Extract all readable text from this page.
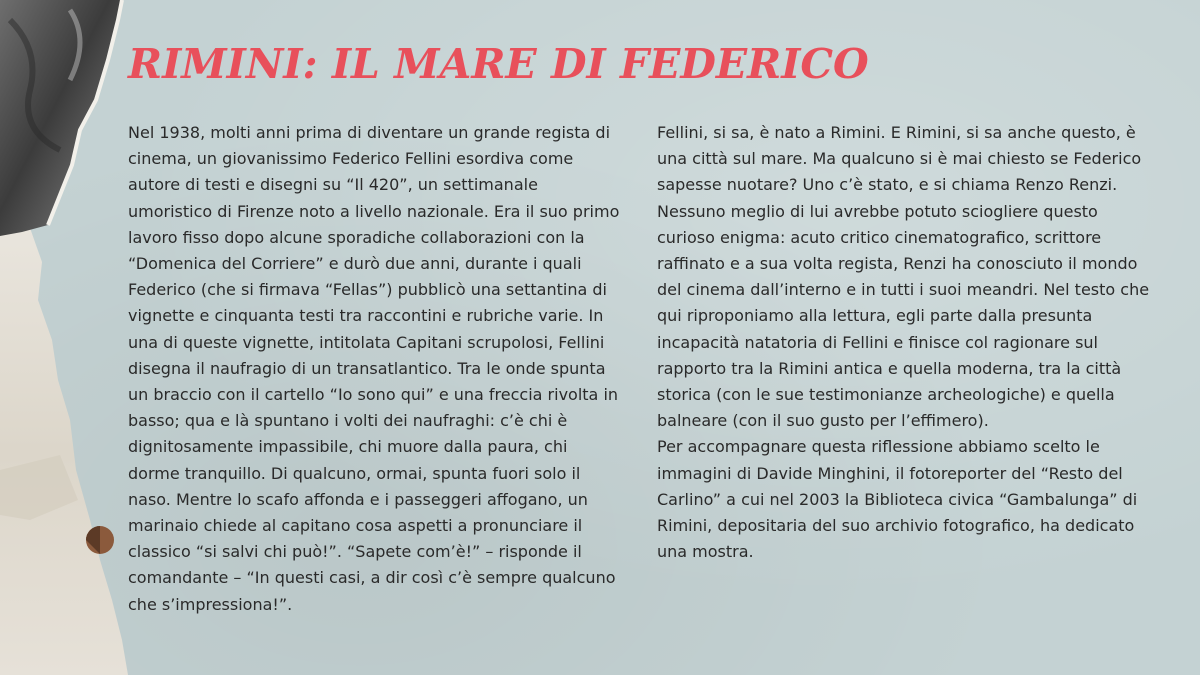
RIMINI: IL MARE DI FEDERICO

Nel 1938, molti anni prima di diventare un grande regista di cinema, un giovanissimo Federico Fellini esordiva come autore di testi e disegni su “Il 420”, un settimanale umoristico di Firenze noto a livello nazionale. Era il suo primo lavoro fisso dopo alcune sporadiche collaborazioni con la “Domenica del Corriere” e durò due anni, durante i quali Federico (che si firmava “Fellas”) pubblicò una settantina di vignette e cinquanta testi tra raccontini e rubriche varie. In una di queste vignette, intitolata Capitani scrupolosi, Fellini disegna il naufragio di un transatlantico. Tra le onde spunta un braccio con il cartello “Io sono qui” e una freccia rivolta in basso; qua e là spuntano i volti dei naufraghi: c’è chi è dignitosamente impassibile, chi muore dalla paura, chi dorme tranquillo. Di qualcuno, ormai, spunta fuori solo il naso. Mentre lo scafo affonda e i passeggeri affogano, un marinaio chiede al capitano cosa aspetti a pronunciare il classico “si salvi chi può!”. “Sapete com’è!” – risponde il comandante – “In questi casi, a dir così c’è sempre qualcuno che s’impressiona!”.

Fellini, si sa, è nato a Rimini. E Rimini, si sa anche questo, è una città sul mare. Ma qualcuno si è mai chiesto se Federico sapesse nuotare? Uno c’è stato, e si chiama Renzo Renzi. Nessuno meglio di lui avrebbe potuto sciogliere questo curioso enigma: acuto critico cinematografico, scrittore raffinato e a sua volta regista, Renzi ha conosciuto il mondo del cinema dall’interno e in tutti i suoi meandri. Nel testo che qui riproponiamo alla lettura, egli parte dalla presunta incapacità natatoria di Fellini e finisce col ragionare sul rapporto tra la Rimini antica e quella moderna, tra la città storica (con le sue testimonianze archeologiche) e quella balneare (con il suo gusto per l’effimero).

Per accompagnare questa riflessione abbiamo scelto le immagini di Davide Minghini, il fotoreporter del “Resto del Carlino” a cui nel 2003 la Biblioteca civica “Gambalunga” di Rimini, depositaria del suo archivio fotografico, ha dedicato una mostra.
